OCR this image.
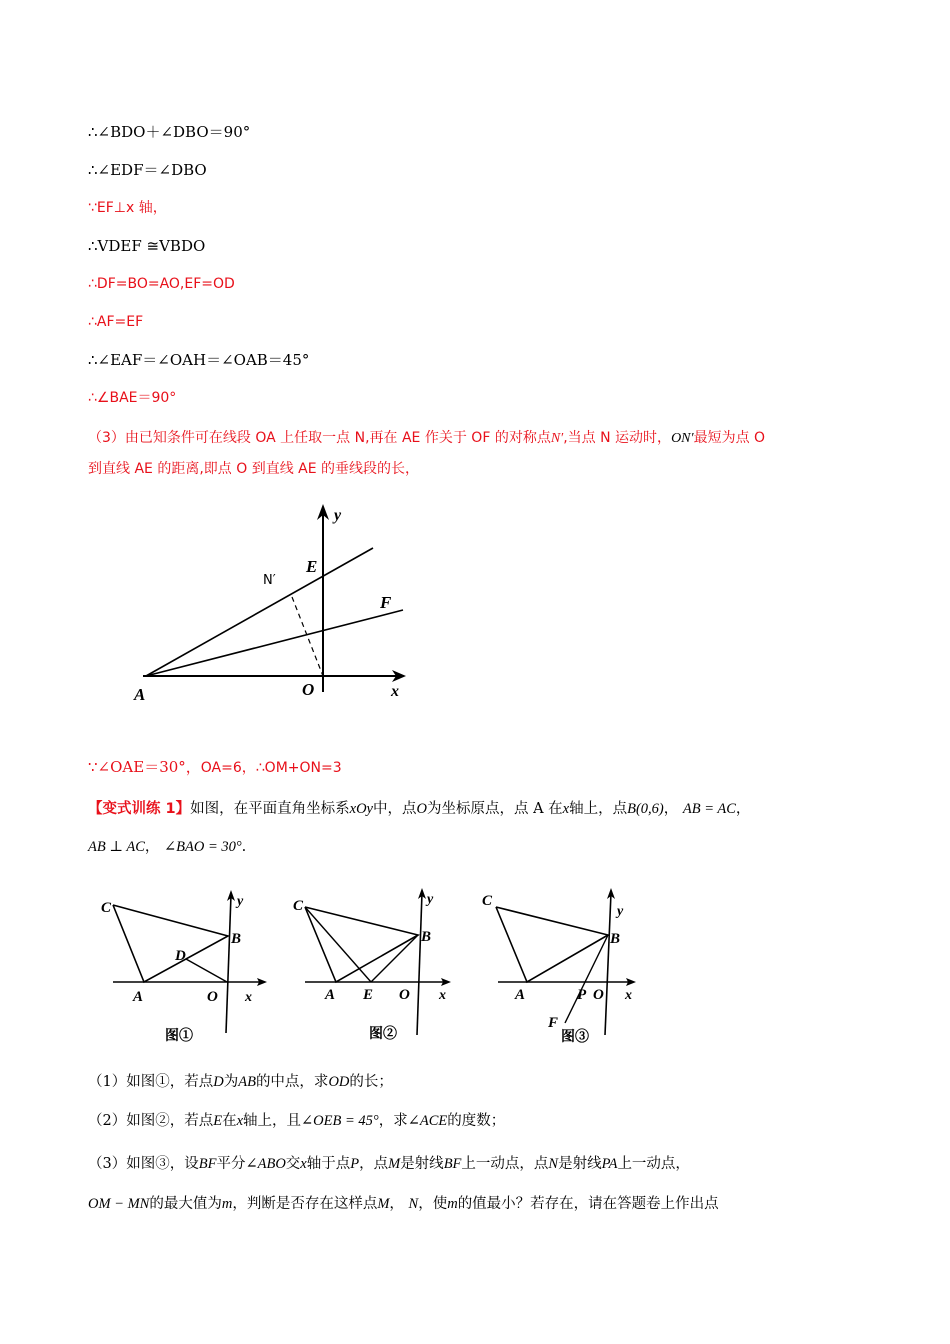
∴∠BDO＋∠DBO＝90°
∴∠EDF＝∠DBO
∵EF⊥x 轴，
∴VDEF ≅VBDO
∴DF=BO=AO,EF=OD
∴AF=EF
∴∠EAF＝∠OAH＝∠OAB＝45°
∴∠BAE＝90°
（3）由已知条件可在线段 OA 上任取一点 N,再在 AE 作关于 OF 的对称点N′,当点 N 运动时，ON′最短为点 O
到直线 AE 的距离,即点 O 到直线 AE 的垂线段的长，
y
E
F
N′
A	O	x
∵∠OAE＝30°，OA=6，∴OM+ON=3
【变式训练 1】如图，在平面直角坐标系xOy中，点O为坐标原点，点 A 在x轴上，点B(0,6)， AB = AC，
AB ⊥ AC， ∠BAO = 30°.
C	y
B
D
A	O x
图①
C	y
B
A E O x
图②
C
y
B
A	P O x
F
图③
（1）如图①，若点D为AB的中点，求OD的长；
（2）如图②，若点E在x轴上，且∠OEB = 45°，求∠ACE的度数；
（3）如图③，设BF平分∠ABO交x轴于点P，点M是射线BF上一动点，点N是射线PA上一动点，
OM − MN的最大值为m，判断是否存在这样点M， N，使m的值最小？若存在，请在答题卷上作出点
